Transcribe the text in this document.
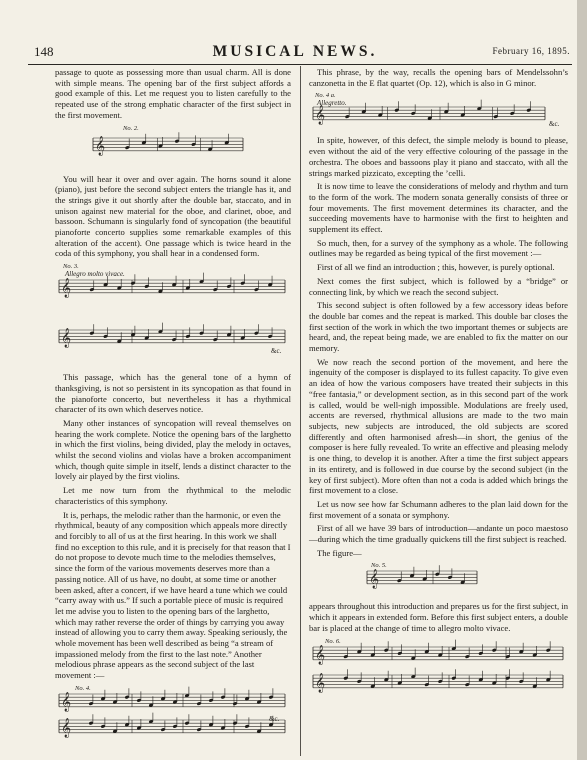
148	MUSICAL NEWS.	February 16, 1895.

passage to quote as possessing more than usual charm. All is done with simple means. The opening bar of the first subject affords a good example of this. Let me request you to listen carefully to the repeated use of the strong emphatic character of the first subject in the first movement.

No. 2.
𝄞

You will hear it over and over again. The horns sound it alone (piano), just before the second subject enters the triangle has it, and the strings give it out shortly after the double bar, staccato, and in unison against new material for the oboe, and clarinet, oboe, and bassoon. Schumann is singularly fond of syncopation (the beautiful pianoforte concerto supplies some remarkable examples of this alteration of the accent). One passage which is twice heard in the coda of this symphony, you shall hear in a condensed form.

No. 3.
Allegro molto vivace.
𝄞
𝄞
&c.

This passage, which has the general tone of a hymn of thanksgiving, is not so persistent in its syncopation as that found in the pianoforte concerto, but nevertheless it has a rhythmical character of its own which deserves notice.

Many other instances of syncopation will reveal themselves on hearing the work complete. Notice the opening bars of the larghetto in which the first violins, being divided, play the melody in octaves, whilst the second violins and violas have a broken accompaniment which, though quite simple in itself, lends a distinct character to the lovely air played by the first violins.

Let me now turn from the rhythmical to the melodic characteristics of this symphony.

It is, perhaps, the melodic rather than the harmonic, or even the rhythmical, beauty of any composition which appeals more directly and forcibly to all of us at the first hearing. In this work we shall find no exception to this rule, and it is precisely for that reason that I do not propose to devote much time to the melodies themselves, since the form of the various movements deserves more than a passing notice. All of us have, no doubt, at some time or another been asked, after a concert, if we have heard a tune which we could “carry away with us.” If such a portable piece of music is required let me advise you to listen to the opening bars of the larghetto, which may rather reverse the order of things by carrying you away instead of allowing you to carry them away. Speaking seriously, the whole movement has been well described as being “a stream of impassioned melody from the first to the last note.” Another melodious phrase appears as the second subject of the last movement :—

No. 4.
𝄞
𝄞	&c.

This phrase, by the way, recalls the opening bars of Mendelssohn’s canzonetta in the E flat quartet (Op. 12), which is also in G minor.

No. 4 a.
Allegretto.
𝄞	&c.

In spite, however, of this defect, the simple melody is bound to please, even without the aid of the very effective colouring of the passage in the orchestra. The oboes and bassoons play it piano and staccato, with all the strings marked pizzicato, excepting the ’celli.

It is now time to leave the considerations of melody and rhythm and turn to the form of the work. The modern sonata generally consists of three or four movements. The first movement determines its character, and the succeeding movements have to harmonise with the first to heighten and supplement its effect.

So much, then, for a survey of the symphony as a whole. The following outlines may be regarded as being typical of the first movement :—

First of all we find an introduction ; this, however, is purely optional.

Next comes the first subject, which is followed by a “bridge” or connecting link, by which we reach the second subject.

This second subject is often followed by a few accessory ideas before the double bar comes and the repeat is marked. This double bar closes the first section of the work in which the two important themes or subjects are heard, and, the repeat being made, we are enabled to fix the matter on our memory.

We now reach the second portion of the movement, and here the ingenuity of the composer is displayed to its fullest capacity. To give even an idea of how the various composers have treated their subjects in this “free fantasia,” or development section, as in this second part of the work is called, would be well-nigh impossible. Modulations are freely used, accents are reversed, rhythmical allusions are made to the two main subjects, new subjects are introduced, the old subjects are scored differently and often harmonised afresh—in short, the genius of the composer is here fully revealed. To write an effective and pleasing melody is one thing, to develop it is another. After a time the first subject appears in its entirety, and is followed in due course by the second subject (in the key of first subject). More often than not a coda is added which brings the first movement to a close.

Let us now see how far Schumann adheres to the plan laid down for the first movement of a sonata or symphony.

First of all we have 39 bars of introduction—andante un poco maestoso—during which the time gradually quickens till the first subject is reached.

The figure—

No. 5.
𝄞

appears throughout this introduction and prepares us for the first subject, in which it appears in extended form. Before this first subject enters, a double bar is placed at the change of time to allegro molto vivace.

No. 6.
𝄞
𝄞
